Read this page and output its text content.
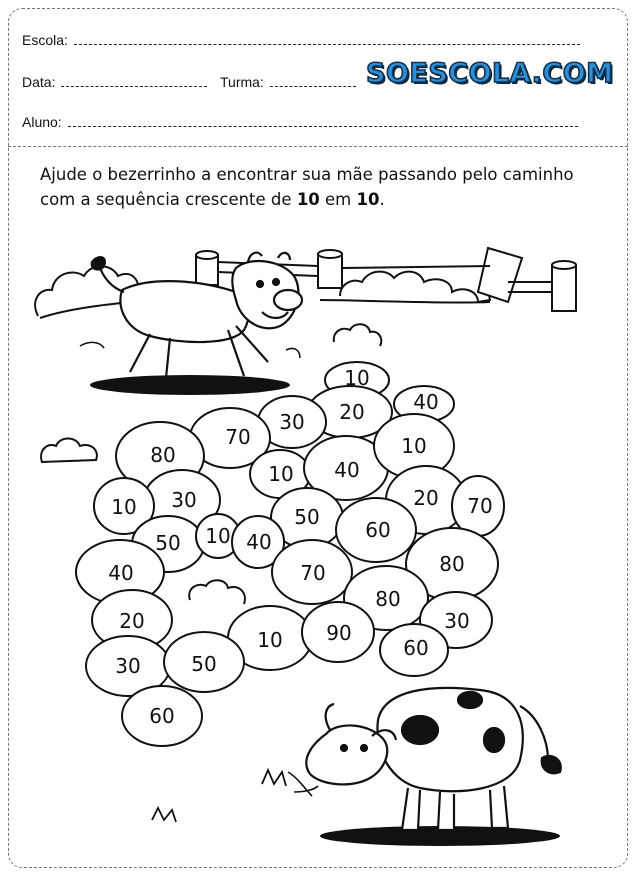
Escola:
Data:	Turma:	SOESCOLA.COM
Aluno:
Ajude o bezerrinho a encontrar sua mãe passando pelo caminho
com a sequência crescente de 10 em 10.
10
20 40
30
70
80
10 40
10
30
10	20 70
50
60
50 10 40
40	70	80
20
80
30
10 90
60
30	50
60
